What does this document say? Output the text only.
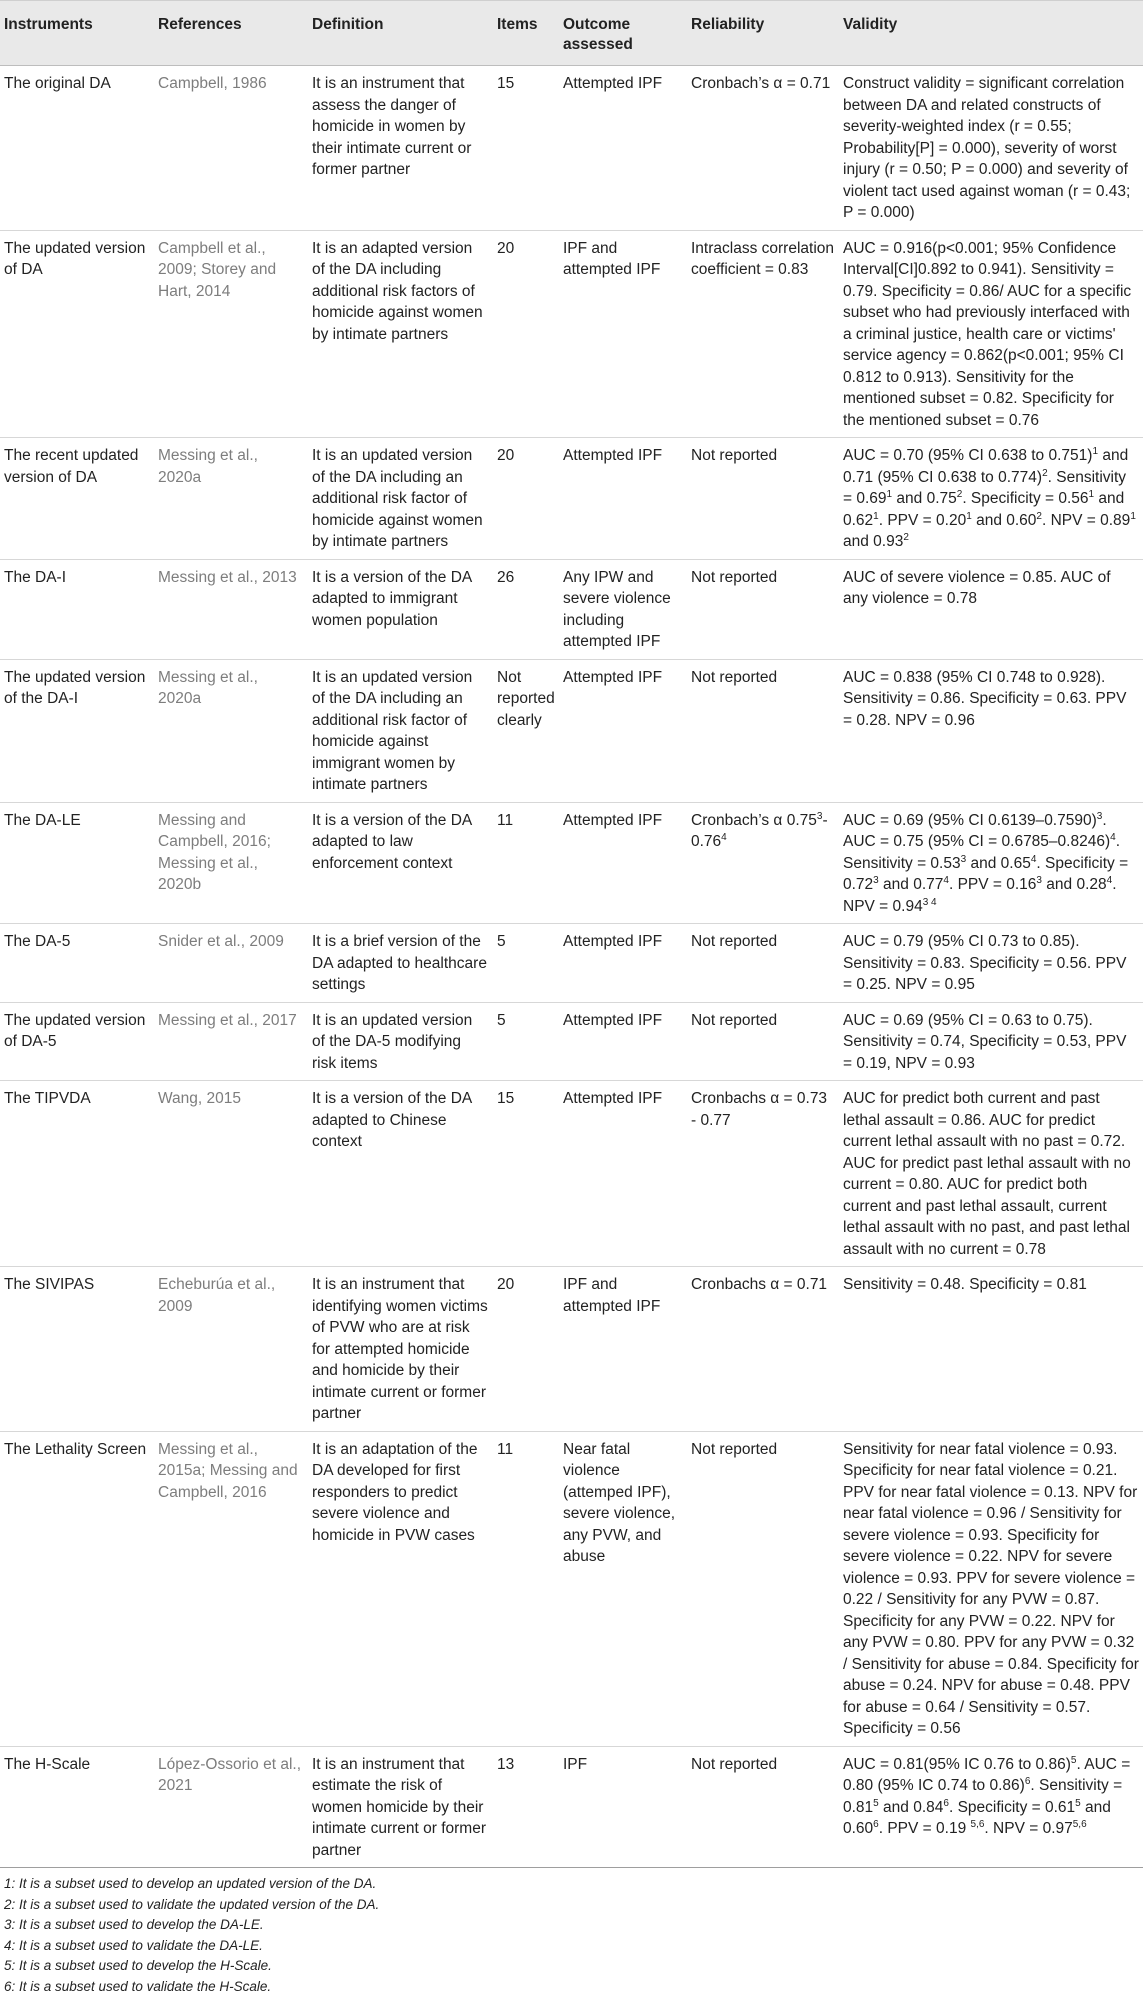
Instruments	References	Definition	Items	Outcome assessed	Reliability	Validity
The original DA	Campbell, 1986	It is an instrument that assess the danger of homicide in women by their intimate current or former partner	15	Attempted IPF	Cronbach’s α = 0.71	Construct validity = significant correlation between DA and related constructs of severity-weighted index (r = 0.55; Probability[P] = 0.000), severity of worst injury (r = 0.50; P = 0.000) and severity of violent tact used against woman (r = 0.43; P = 0.000)
The updated version of DA	Campbell et al., 2009; Storey and Hart, 2014	It is an adapted version of the DA including additional risk factors of homicide against women by intimate partners	20	IPF and attempted IPF	Intraclass correlation coefficient = 0.83	AUC = 0.916(p<0.001; 95% Confidence Interval[CI]0.892 to 0.941). Sensitivity = 0.79. Specificity = 0.86/ AUC for a specific subset who had previously interfaced with a criminal justice, health care or victims' service agency = 0.862(p<0.001; 95% CI 0.812 to 0.913). Sensitivity for the mentioned subset = 0.82. Specificity for the mentioned subset = 0.76
The recent updated version of DA	Messing et al., 2020a	It is an updated version of the DA including an additional risk factor of homicide against women by intimate partners	20	Attempted IPF	Not reported	AUC = 0.70 (95% CI 0.638 to 0.751)$^1$ and 0.71 (95% CI 0.638 to 0.774)$^2$. Sensitivity = $0.69^1$ and 0.75$^2$. Specificity = $0.56^1$ and 0.62$^1$. PPV = $0.20^1$ and 0.60$^2$. NPV = $0.89^1$ and 0.93$^2$
The DA-I	Messing et al., 2013	It is a version of the DA adapted to immigrant women population	26	Any IPW and severe violence including attempted IPF	Not reported	AUC of severe violence = 0.85. AUC of any violence = 0.78
The updated version of the DA-I	Messing et al., 2020a	It is an updated version of the DA including an additional risk factor of homicide against immigrant women by intimate partners	Not reported clearly	Attempted IPF	Not reported	AUC = 0.838 (95% CI 0.748 to 0.928). Sensitivity = 0.86. Specificity = 0.63. PPV = 0.28. NPV = 0.96
The DA-LE	Messing and Campbell, 2016; Messing et al., 2020b	It is a version of the DA adapted to law enforcement context	11	Attempted IPF	Cronbach’s α 0.75$^3$-0.76$^4$	AUC = 0.69 (95% CI 0.6139–0.7590)$^3$. AUC = 0.75 (95% CI = 0.6785–0.8246)$^4$. Sensitivity = $0.53^3$ and 0.65$^4$. Specificity = $0.72^3$ and 0.77$^4$. PPV = $0.16^3$ and 0.28$^4$. NPV = $0.94^{3 4}$
The DA-5	Snider et al., 2009	It is a brief version of the DA adapted to healthcare settings	5	Attempted IPF	Not reported	AUC = 0.79 (95% CI 0.73 to 0.85). Sensitivity = 0.83. Specificity = 0.56. PPV = 0.25. NPV = 0.95
The updated version of DA-5	Messing et al., 2017	It is an updated version of the DA-5 modifying risk items	5	Attempted IPF	Not reported	AUC = 0.69 (95% CI = 0.63 to 0.75). Sensitivity = 0.74, Specificity = 0.53, PPV = 0.19, NPV = 0.93
The TIPVDA	Wang, 2015	It is a version of the DA adapted to Chinese context	15	Attempted IPF	Cronbachs α = 0.73 - 0.77	AUC for predict both current and past lethal assault = 0.86. AUC for predict current lethal assault with no past = 0.72. AUC for predict past lethal assault with no current = 0.80. AUC for predict both current and past lethal assault, current lethal assault with no past, and past lethal assault with no current = 0.78
The SIVIPAS	Echeburúa et al., 2009	It is an instrument that identifying women victims of PVW who are at risk for attempted homicide and homicide by their intimate current or former partner	20	IPF and attempted IPF	Cronbachs α = 0.71	Sensitivity = 0.48. Specificity = 0.81
The Lethality Screen	Messing et al., 2015a; Messing and Campbell, 2016	It is an adaptation of the DA developed for first responders to predict severe violence and homicide in PVW cases	11	Near fatal violence (attemped IPF), severe violence, any PVW, and abuse	Not reported	Sensitivity for near fatal violence = 0.93. Specificity for near fatal violence = 0.21. PPV for near fatal violence = 0.13. NPV for near fatal violence = 0.96 / Sensitivity for severe violence = 0.93. Specificity for severe violence = 0.22. NPV for severe violence = 0.93. PPV for severe violence = 0.22 / Sensitivity for any PVW = 0.87. Specificity for any PVW = 0.22. NPV for any PVW = 0.80. PPV for any PVW = 0.32 / Sensitivity for abuse = 0.84. Specificity for abuse = 0.24. NPV for abuse = 0.48. PPV for abuse = 0.64 / Sensitivity = 0.57. Specificity = 0.56
The H-Scale	López-Ossorio et al., 2021	It is an instrument that estimate the risk of women homicide by their intimate current or former partner	13	IPF	Not reported	AUC = 0.81(95% IC 0.76 to 0.86)$^5$. AUC = 0.80 (95% IC 0.74 to 0.86)$^6$. Sensitivity = $0.81^5$ and 0.84$^6$. Specificity = $0.61^5$ and 0.60$^6$. PPV = 0.19 $^{5,6}$. NPV = $0.97^{5,6}$
1: It is a subset used to develop an updated version of the DA.
2: It is a subset used to validate the updated version of the DA.
3: It is a subset used to develop the DA-LE.
4: It is a subset used to validate the DA-LE.
5: It is a subset used to develop the H-Scale.
6: It is a subset used to validate the H-Scale.
